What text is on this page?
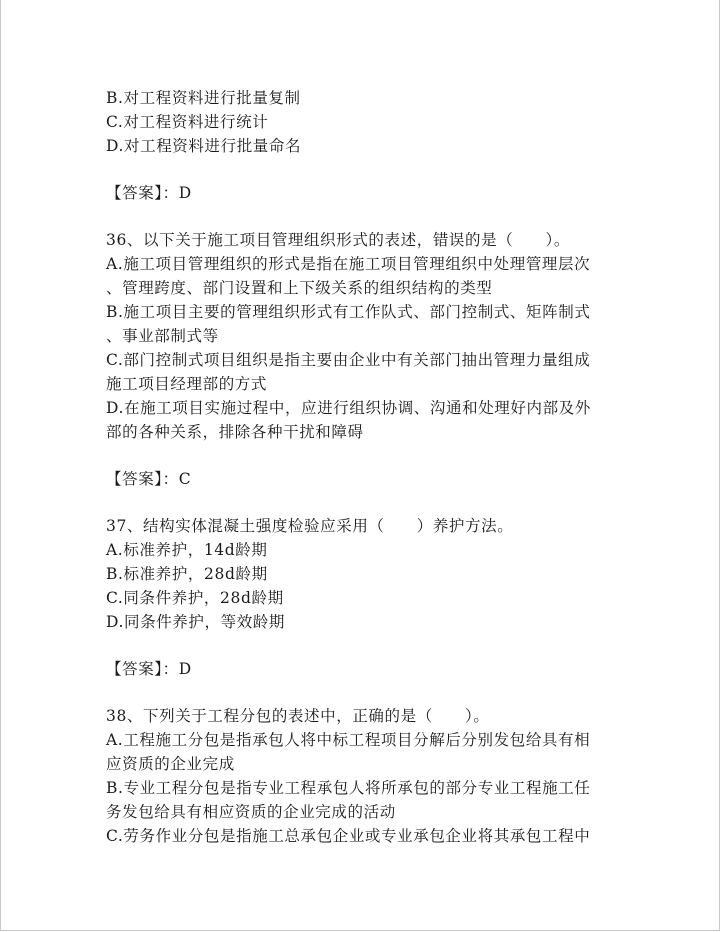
B.对工程资料进行批量复制
C.对工程资料进行统计
D.对工程资料进行批量命名
【答案】：D
36、以下关于施工项目管理组织形式的表述，错误的是（　　）。
A.施工项目管理组织的形式是指在施工项目管理组织中处理管理层次
、管理跨度、部门设置和上下级关系的组织结构的类型
B.施工项目主要的管理组织形式有工作队式、部门控制式、矩阵制式
、事业部制式等
C.部门控制式项目组织是指主要由企业中有关部门抽出管理力量组成
施工项目经理部的方式
D.在施工项目实施过程中，应进行组织协调、沟通和处理好内部及外
部的各种关系，排除各种干扰和障碍
【答案】：C
37、结构实体混凝土强度检验应采用（　　）养护方法。
A.标准养护，14d龄期
B.标准养护，28d龄期
C.同条件养护，28d龄期
D.同条件养护，等效龄期
【答案】：D
38、下列关于工程分包的表述中，正确的是（　　）。
A.工程施工分包是指承包人将中标工程项目分解后分别发包给具有相
应资质的企业完成
B.专业工程分包是指专业工程承包人将所承包的部分专业工程施工任
务发包给具有相应资质的企业完成的活动
C.劳务作业分包是指施工总承包企业或专业承包企业将其承包工程中
